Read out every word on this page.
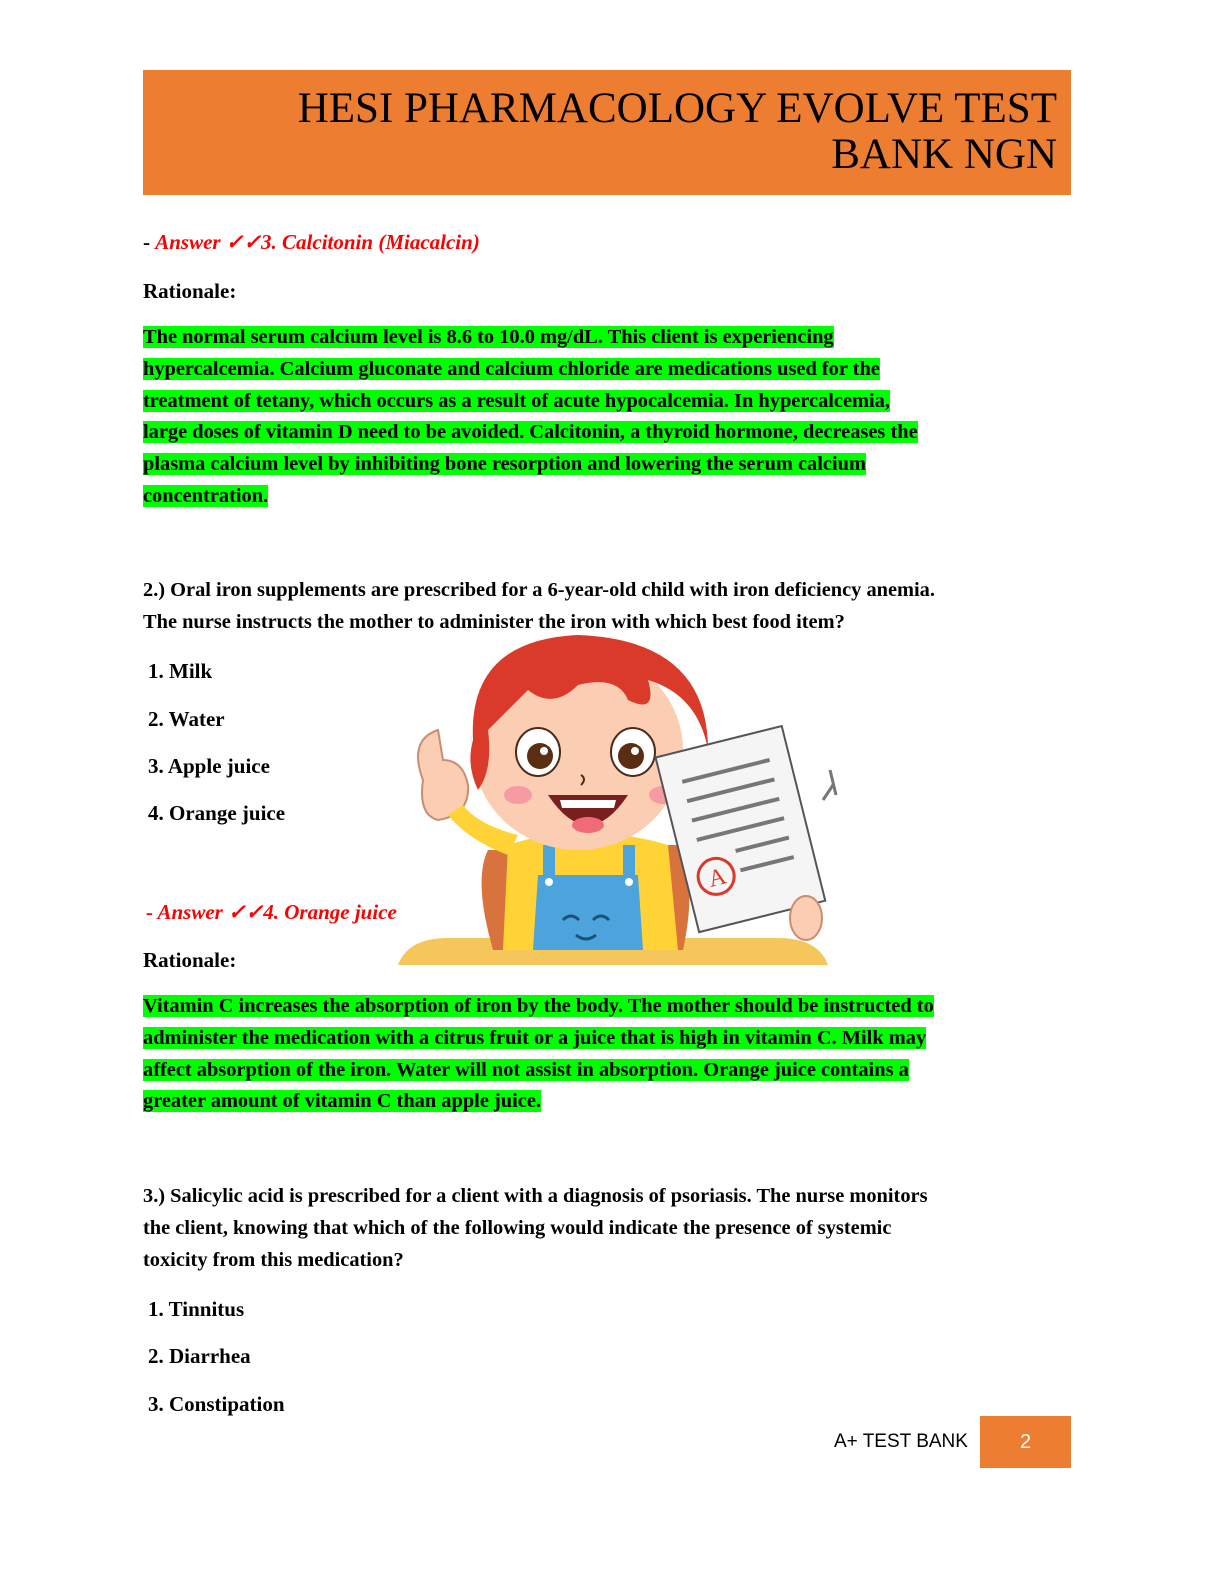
HESI PHARMACOLOGY EVOLVE TEST
BANK NGN
- Answer ✓✓3. Calcitonin (Miacalcin)
Rationale:
The normal serum calcium level is 8.6 to 10.0 mg/dL. This client is experiencing
hypercalcemia. Calcium gluconate and calcium chloride are medications used for the
treatment of tetany, which occurs as a result of acute hypocalcemia. In hypercalcemia,
large doses of vitamin D need to be avoided. Calcitonin, a thyroid hormone, decreases the
plasma calcium level by inhibiting bone resorption and lowering the serum calcium
concentration.
A
2.) Oral iron supplements are prescribed for a 6-year-old child with iron deficiency anemia.
The nurse instructs the mother to administer the iron with which best food item?
1. Milk
2. Water
3. Apple juice
4. Orange juice
- Answer ✓✓4. Orange juice
Rationale:
Vitamin C increases the absorption of iron by the body. The mother should be instructed to
administer the medication with a citrus fruit or a juice that is high in vitamin C. Milk may
affect absorption of the iron. Water will not assist in absorption. Orange juice contains a
greater amount of vitamin C than apple juice.
3.) Salicylic acid is prescribed for a client with a diagnosis of psoriasis. The nurse monitors
the client, knowing that which of the following would indicate the presence of systemic
toxicity from this medication?
1. Tinnitus
2. Diarrhea
3. Constipation
A+ TEST BANK	2
